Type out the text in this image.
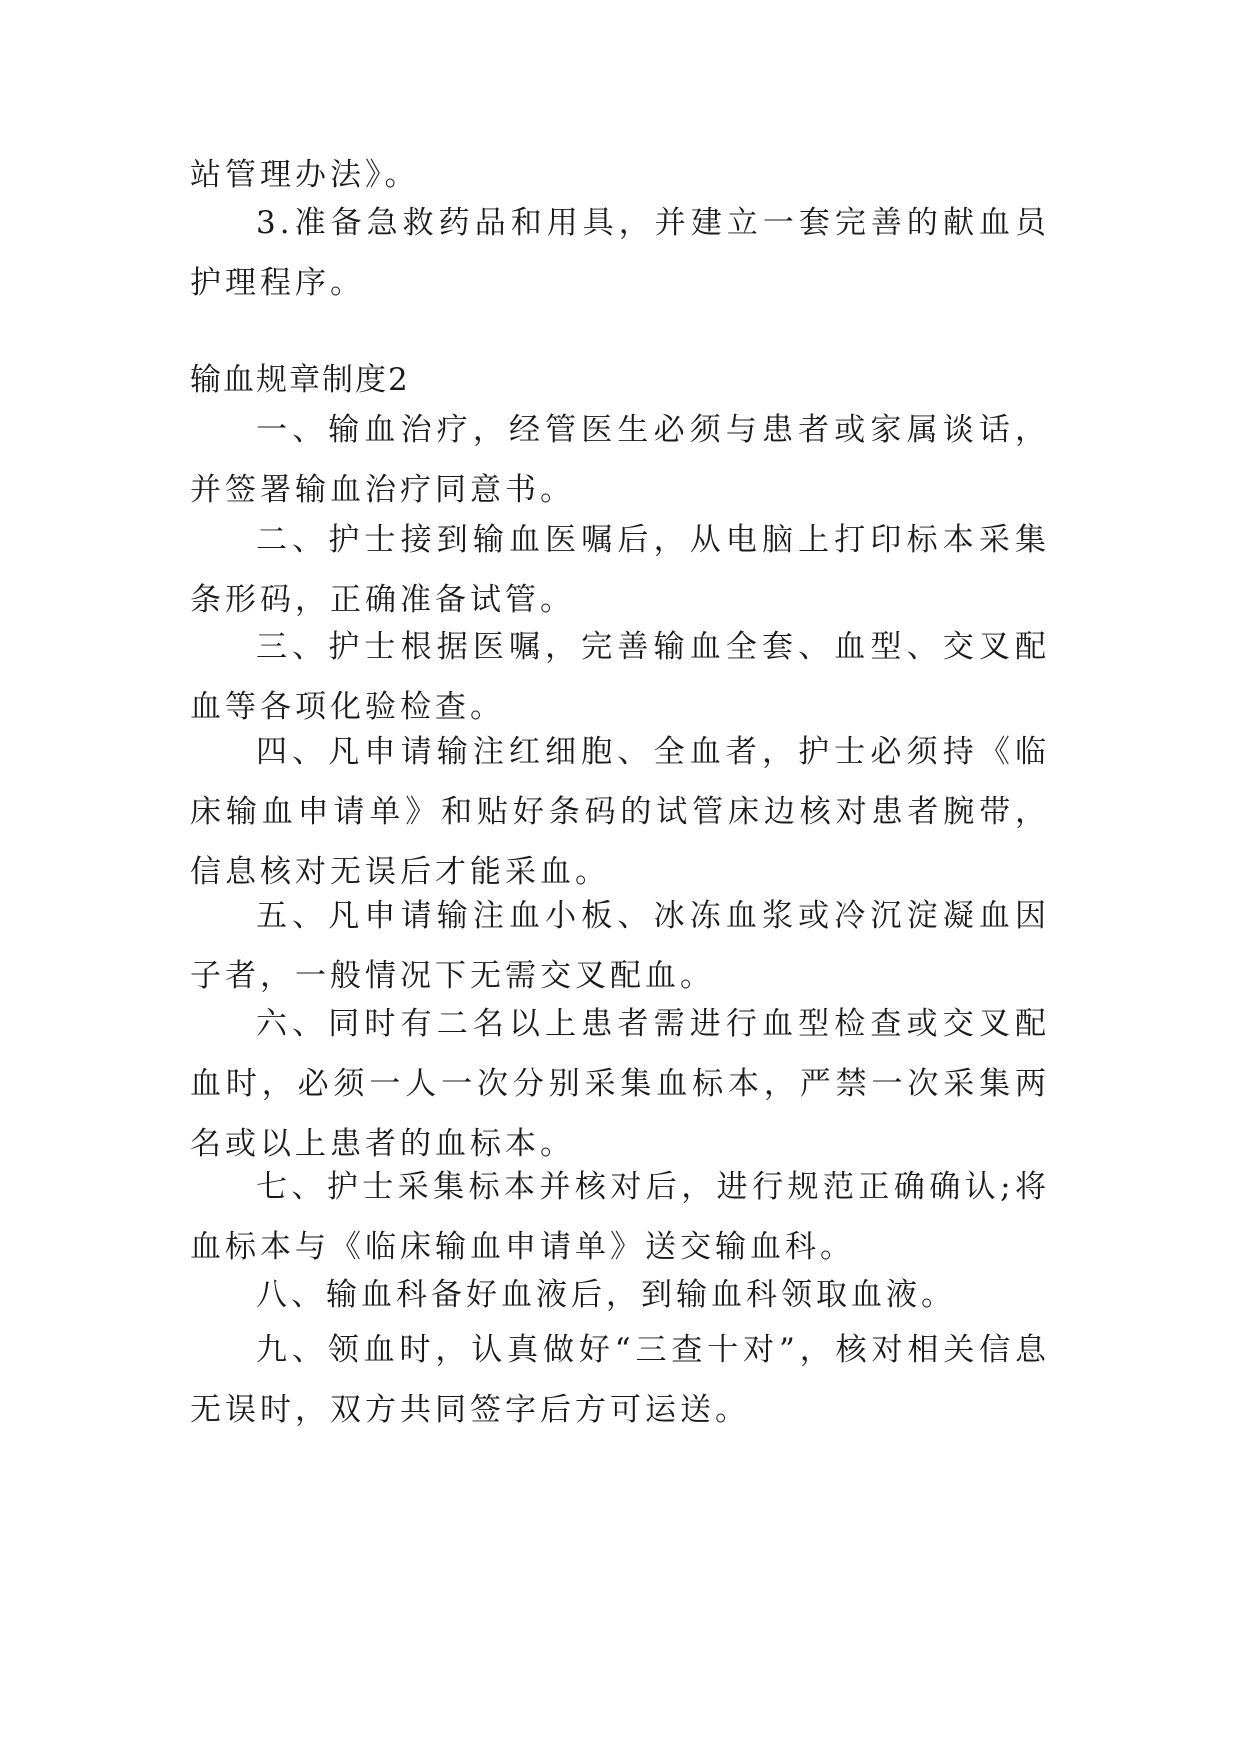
站管理办法》。

3.准备急救药品和用具，并建立一套完善的献血员护理程序。

输血规章制度2

一、输血治疗，经管医生必须与患者或家属谈话，并签署输血治疗同意书。

二、护士接到输血医嘱后，从电脑上打印标本采集条形码，正确准备试管。

三、护士根据医嘱，完善输血全套、血型、交叉配血等各项化验检查。

四、凡申请输注红细胞、全血者，护士必须持《临床输血申请单》和贴好条码的试管床边核对患者腕带，信息核对无误后才能采血。

五、凡申请输注血小板、冰冻血浆或冷沉淀凝血因子者，一般情况下无需交叉配血。

六、同时有二名以上患者需进行血型检查或交叉配血时，必须一人一次分别采集血标本，严禁一次采集两名或以上患者的血标本。

七、护士采集标本并核对后，进行规范正确确认;将血标本与《临床输血申请单》送交输血科。

八、输血科备好血液后，到输血科领取血液。

九、领血时，认真做好“三查十对”，核对相关信息无误时，双方共同签字后方可运送。
